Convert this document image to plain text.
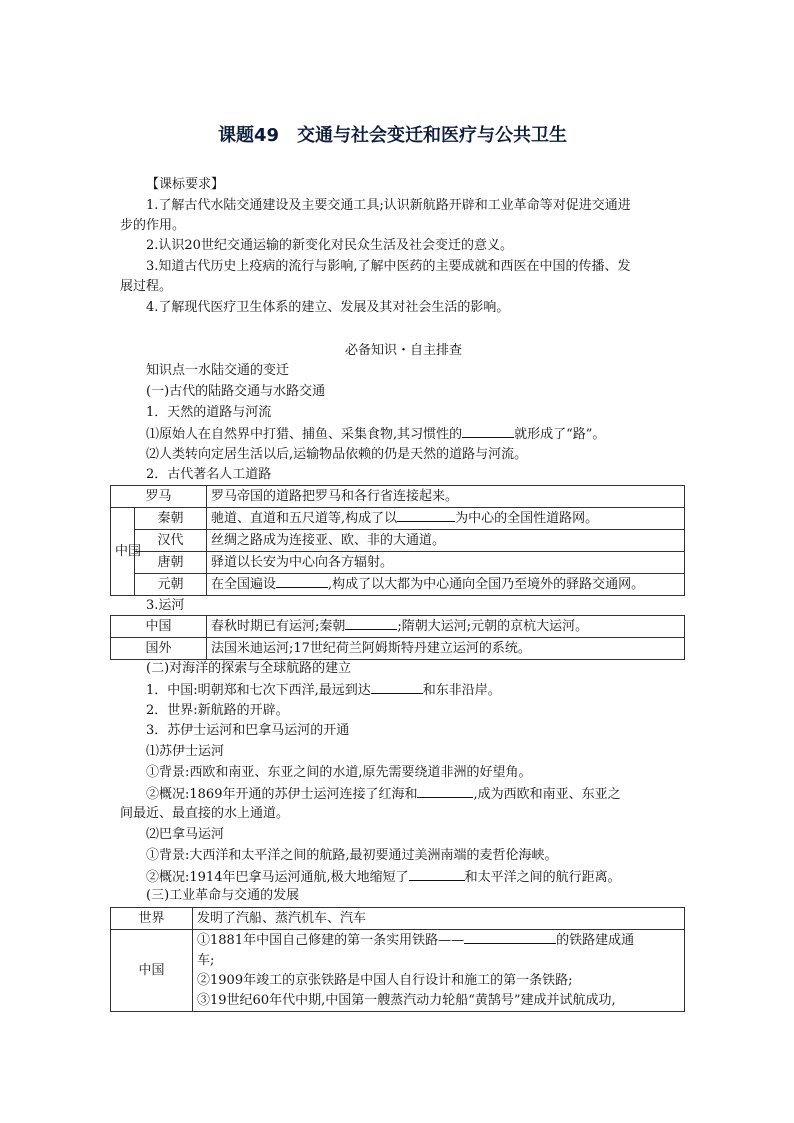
课题49　交通与社会变迁和医疗与公共卫生
【课标要求】
1.了解古代水陆交通建设及主要交通工具;认识新航路开辟和工业革命等对促进交通进
步的作用。
2.认识20世纪交通运输的新变化对民众生活及社会变迁的意义。
3.知道古代历史上疫病的流行与影响,了解中医药的主要成就和西医在中国的传播、发
展过程。
4.了解现代医疗卫生体系的建立、发展及其对社会生活的影响。
必备知识・自主排查
知识点一水陆交通的变迁
(一)古代的陆路交通与水路交通
1．天然的道路与河流
⑴原始人在自然界中打猎、捕鱼、采集食物,其习惯性的	就形成了“路”。
⑵人类转向定居生活以后,运输物品依赖的仍是天然的道路与河流。
2．古代著名人工道路
罗马		罗马帝国的道路把罗马和各行省连接起来。
中国	秦朝	驰道、直道和五尺道等,构成了以 为中心的全国性道路网。
	汉代	丝绸之路成为连接亚、欧、非的大通道。
	唐朝	驿道以长安为中心向各方辐射。
	元朝	在全国遍设 ,构成了以大都为中心通向全国乃至境外的驿路交通网。
3.运河
中国	春秋时期已有运河;秦朝 ;隋朝大运河;元朝的京杭大运河。
国外	法国米迪运河;17世纪荷兰阿姆斯特丹建立运河的系统。
(二)对海洋的探索与全球航路的建立
1．中国:明朝郑和七次下西洋,最远到达	和东非沿岸。
2．世界:新航路的开辟。
3．苏伊士运河和巴拿马运河的开通
⑴苏伊士运河
①背景:西欧和南亚、东亚之间的水道,原先需要绕道非洲的好望角。
②概况:1869年开通的苏伊士运河连接了红海和	,成为西欧和南亚、东亚之
间最近、最直接的水上通道。
⑵巴拿马运河
①背景:大西洋和太平洋之间的航路,最初要通过美洲南端的麦哲伦海峡。
②概况:1914年巴拿马运河通航,极大地缩短了	和太平洋之间的航行距离。
(三)工业革命与交通的发展
世界	发明了汽船、蒸汽机车、汽车
中国	①1881年中国自己修建的第一条实用铁路—— 的铁路建成通
车;
②1909年竣工的京张铁路是中国人自行设计和施工的第一条铁路;
③19世纪60年代中期,中国第一艘蒸汽动力轮船“黄鹄号”建成并试航成功,
